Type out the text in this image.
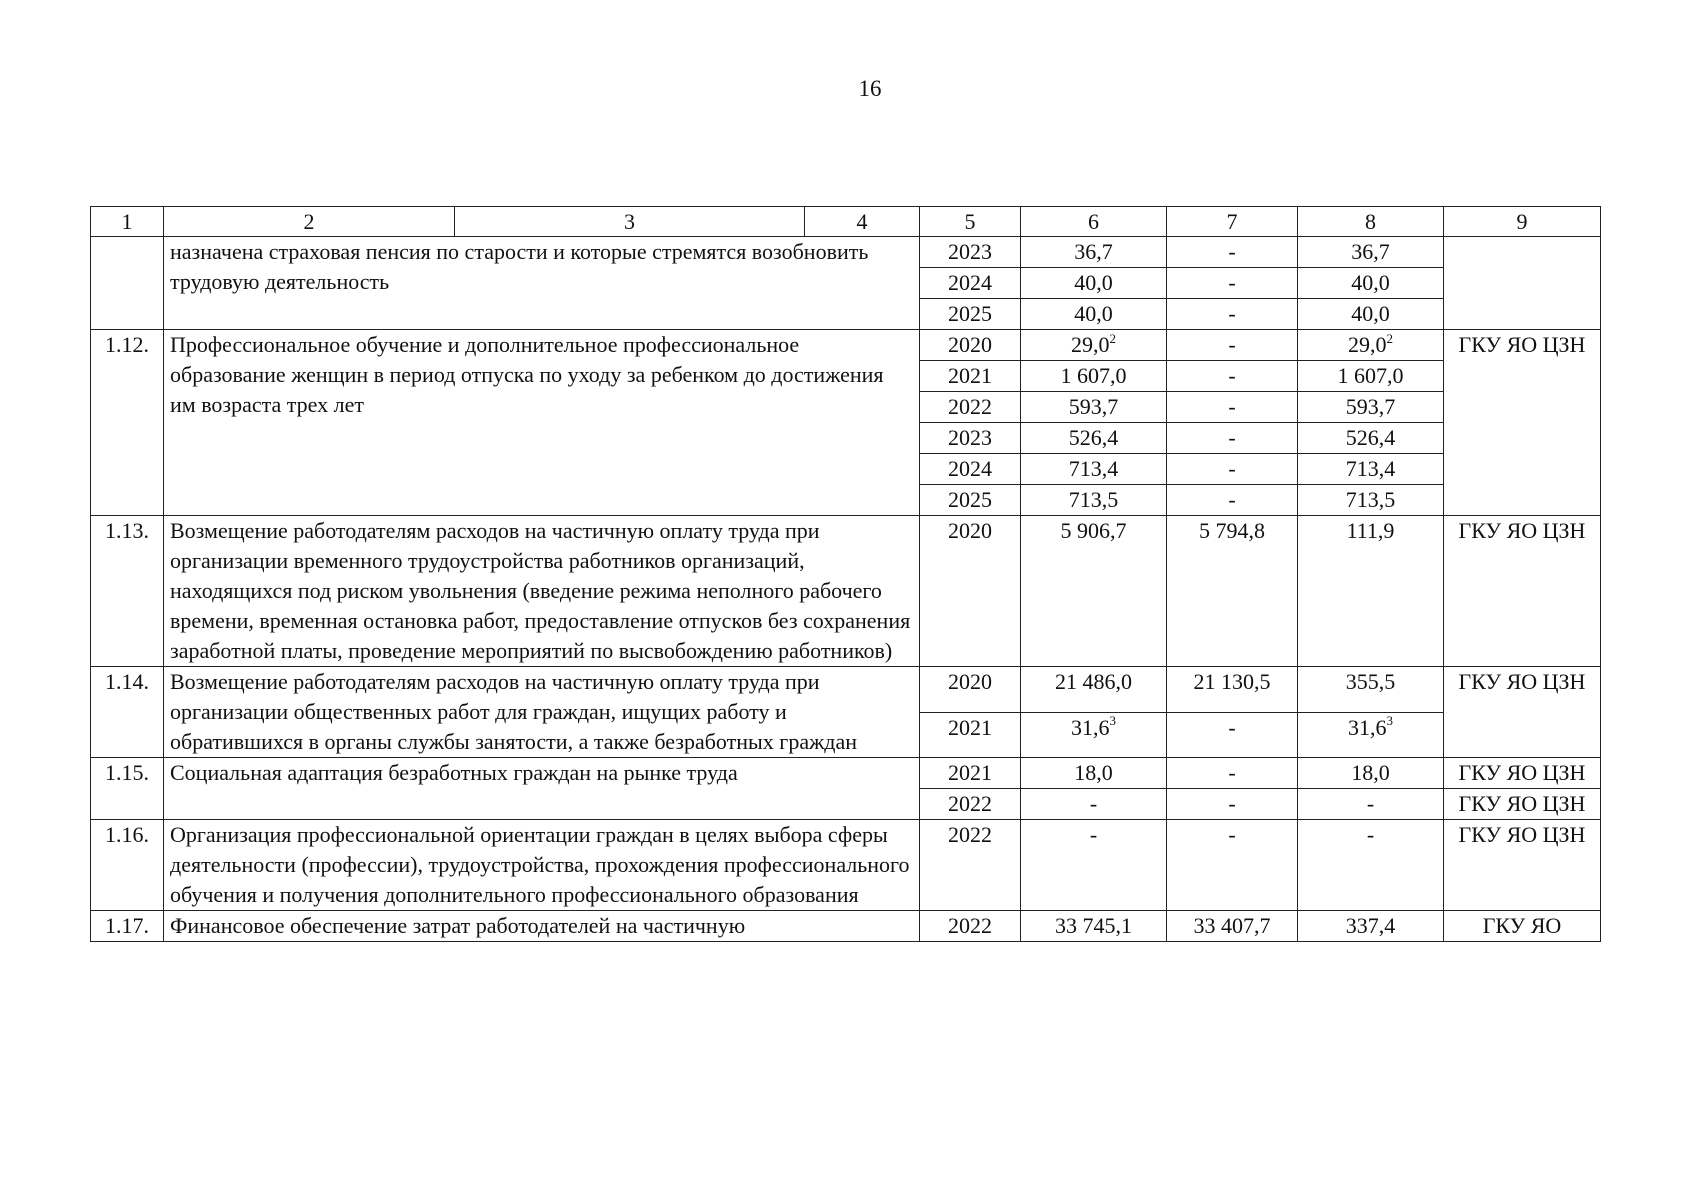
16
1	2	3	4	5	6	7	8	9
	назначена страховая пенсия по старости и которые стремятся возобновить трудовую деятельность			2023	36,7	-	36,7	
				2024	40,0	-	40,0	
				2025	40,0	-	40,0	
1.12.	Профессиональное обучение и дополнительное профессиональное образование женщин в период отпуска по уходу за ребенком до достижения им возраста трех лет			2020	29,0$^2$	-	29,0$^2$	ГКУ ЯО ЦЗН
				2021	1 607,0	-	1 607,0	
				2022	593,7	-	593,7	
				2023	526,4	-	526,4	
				2024	713,4	-	713,4	
				2025	713,5	-	713,5	
1.13.	Возмещение работодателям расходов на частичную оплату труда при организации временного трудоустройства работников организаций, находящихся под риском увольнения (введение режима неполного рабочего времени, временная остановка работ, предоставление отпусков без сохранения заработной платы, проведение мероприятий по высвобождению работников)			2020	5 906,7	5 794,8	111,9	ГКУ ЯО ЦЗН
1.14.	Возмещение работодателям расходов на частичную оплату труда при организации общественных работ для граждан, ищущих работу и обратившихся в органы службы занятости, а также безработных граждан			2020	21 486,0	21 130,5	355,5	ГКУ ЯО ЦЗН
				2021	31,6$^3$	-	31,6$^3$
1.15.	Социальная адаптация безработных граждан на рынке труда			2021	18,0	-	18,0	ГКУ ЯО ЦЗН
				2022	-	-	-	ГКУ ЯО ЦЗН
1.16.	Организация профессиональной ориентации граждан в целях выбора сферы деятельности (профессии), трудоустройства, прохождения профессионального обучения и получения дополнительного профессионального образования			2022	-	-	-	ГКУ ЯО ЦЗН
1.17.	Финансовое обеспечение затрат работодателей на частичную			2022	33 745,1	33 407,7	337,4	ГКУ ЯО
